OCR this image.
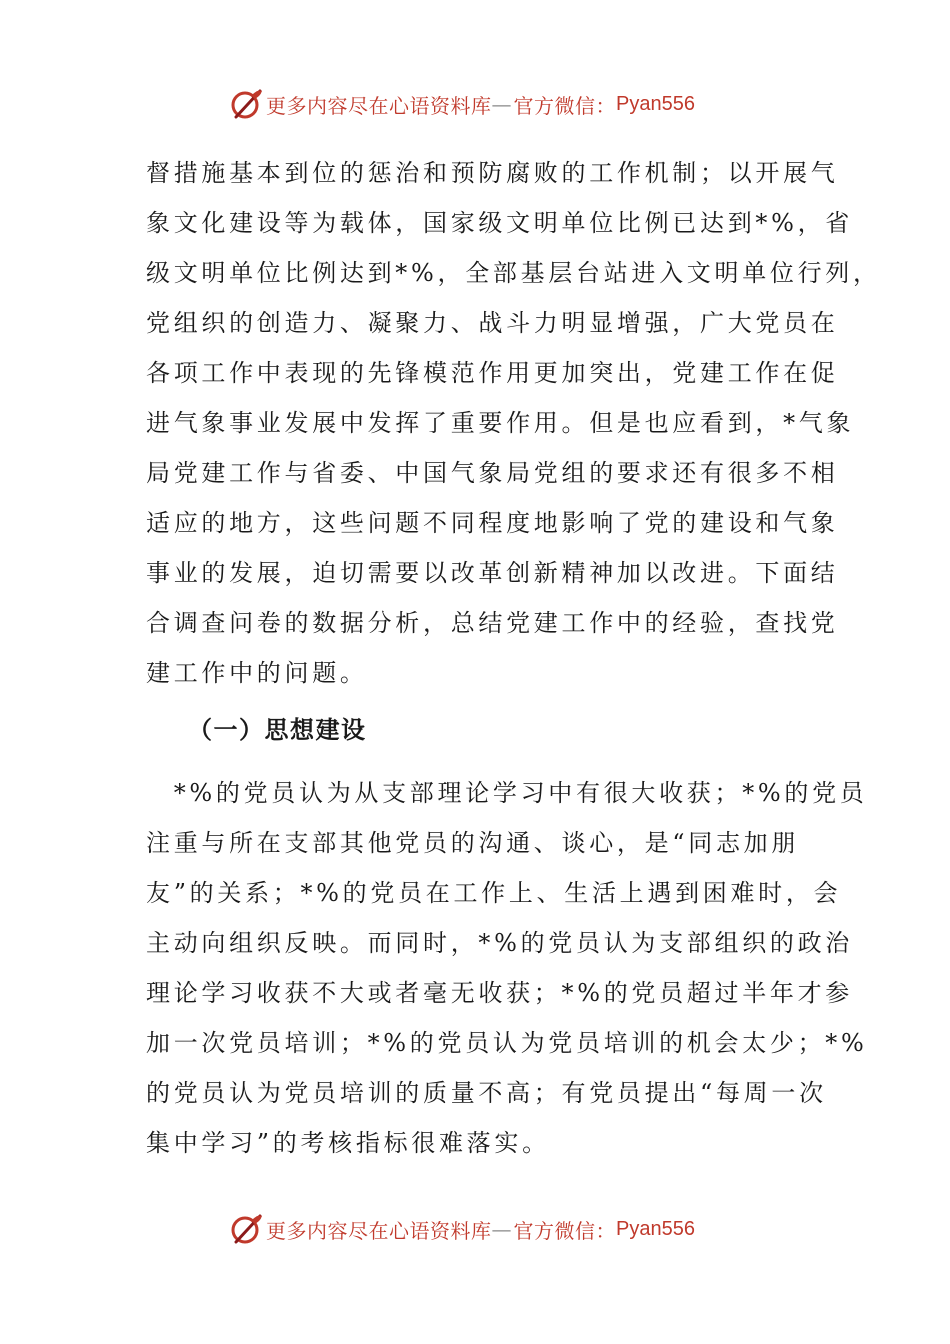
更多内容尽在心语资料库 — 官方微信： Pyan556
督措施基本到位的惩治和预防腐败的工作机制；以开展气
象文化建设等为载体，国家级文明单位比例已达到*%，省
级文明单位比例达到*%，全部基层台站进入文明单位行列，
党组织的创造力、凝聚力、战斗力明显增强，广大党员在
各项工作中表现的先锋模范作用更加突出，党建工作在促
进气象事业发展中发挥了重要作用。但是也应看到，*气象
局党建工作与省委、中国气象局党组的要求还有很多不相
适应的地方，这些问题不同程度地影响了党的建设和气象
事业的发展，迫切需要以改革创新精神加以改进。下面结
合调查问卷的数据分析，总结党建工作中的经验，查找党
建工作中的问题。
（一）思想建设
　*%的党员认为从支部理论学习中有很大收获；*%的党员
注重与所在支部其他党员的沟通、谈心，是“同志加朋
友”的关系；*%的党员在工作上、生活上遇到困难时，会
主动向组织反映。而同时，*%的党员认为支部组织的政治
理论学习收获不大或者毫无收获；*%的党员超过半年才参
加一次党员培训；*%的党员认为党员培训的机会太少；*%
的党员认为党员培训的质量不高；有党员提出“每周一次
集中学习”的考核指标很难落实。
更多内容尽在心语资料库 — 官方微信： Pyan556
